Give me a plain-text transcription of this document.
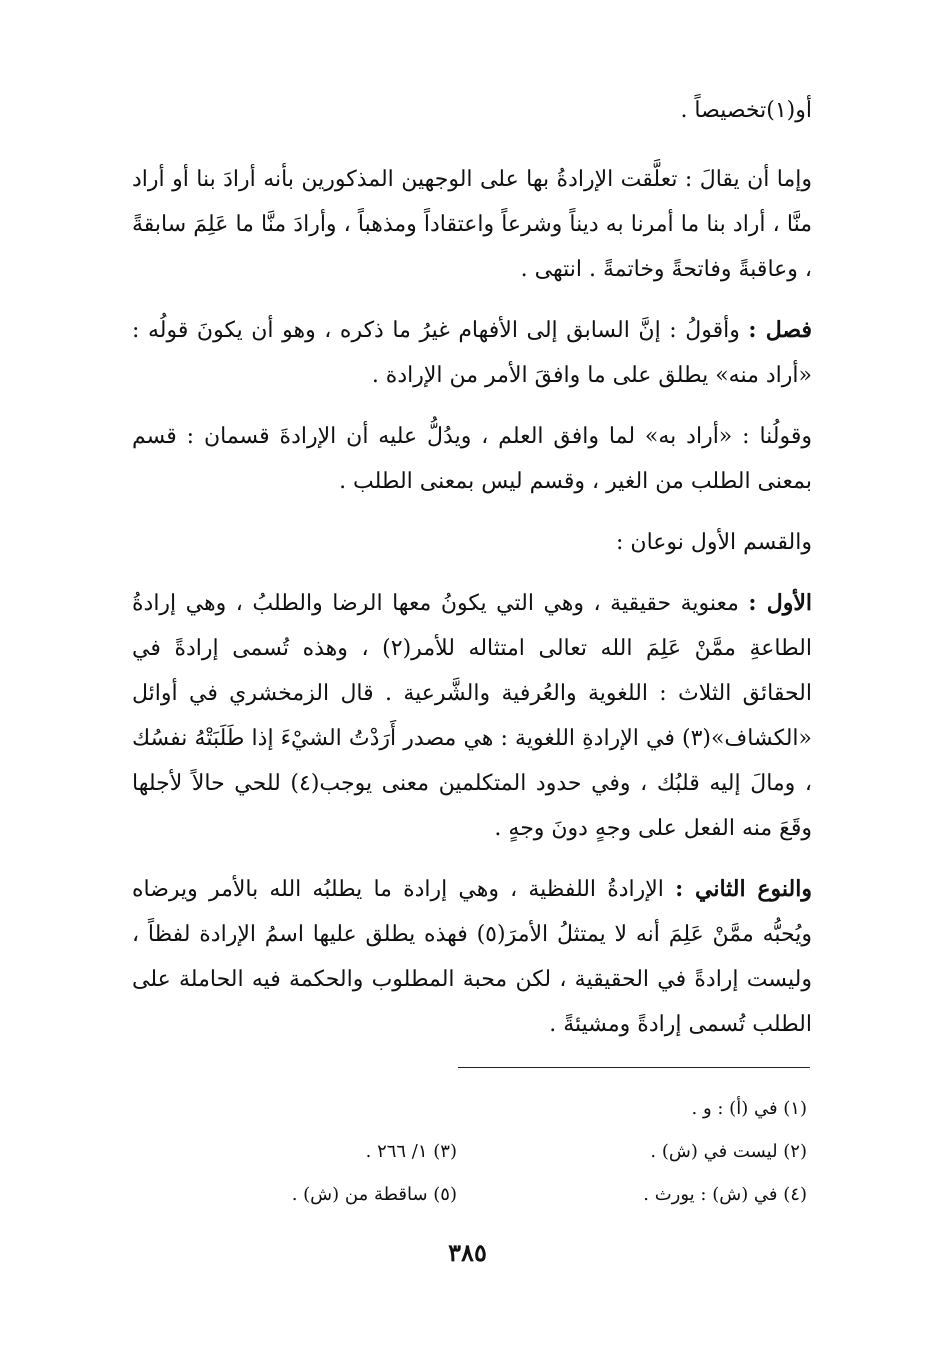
أو(١)تخصيصاً .

وإما أن يقالَ : تعلَّقت الإرادةُ بها على الوجهين المذكورين بأنه أرادَ بنا أو أراد منَّا ، أراد بنا ما أمرنا به ديناً وشرعاً واعتقاداً ومذهباً ، وأرادَ منَّا ما عَلِمَ سابقةً ، وعاقبةً وفاتحةً وخاتمةً . انتهى .

فصل : وأقولُ : إنَّ السابق إلى الأفهام غيرُ ما ذكره ، وهو أن يكونَ قولُه : «أراد منه» يطلق على ما وافقَ الأمر من الإرادة .

وقولُنا : «أراد به» لما وافق العلم ، ويدُلُّ عليه أن الإرادةَ قسمان : قسم بمعنى الطلب من الغير ، وقسم ليس بمعنى الطلب .

والقسم الأول نوعان :

الأول : معنوية حقيقية ، وهي التي يكونُ معها الرضا والطلبُ ، وهي إرادةُ الطاعةِ ممَّنْ عَلِمَ الله تعالى امتثاله للأمر(٢) ، وهذه تُسمى إرادةً في الحقائق الثلاث : اللغوية والعُرفية والشَّرعية . قال الزمخشري في أوائل «الكشاف»(٣) في الإرادةِ اللغوية : هي مصدر أَرَدْتُ الشيْءَ إذا طَلَبَتْهُ نفسُك ، ومالَ إليه قلبُك ، وفي حدود المتكلمين معنى يوجب(٤) للحي حالاً لأجلها وقَعَ منه الفعل على وجهٍ دونَ وجهٍ .

والنوع الثاني : الإرادةُ اللفظية ، وهي إرادة ما يطلبُه الله بالأمر ويرضاه ويُحبُّه ممَّنْ عَلِمَ أنه لا يمتثلُ الأمرَ(٥) فهذه يطلق عليها اسمُ الإرادة لفظاً ، وليست إرادةً في الحقيقية ، لكن محبة المطلوب والحكمة فيه الحاملة على الطلب تُسمى إرادةً ومشيئةً .

(١) في (أ) : و .
(٢) ليست في (ش) .
(٣) ١/ ٢٦٦ .
(٤) في (ش) : يورث .
(٥) ساقطة من (ش) .
٣٨٥
